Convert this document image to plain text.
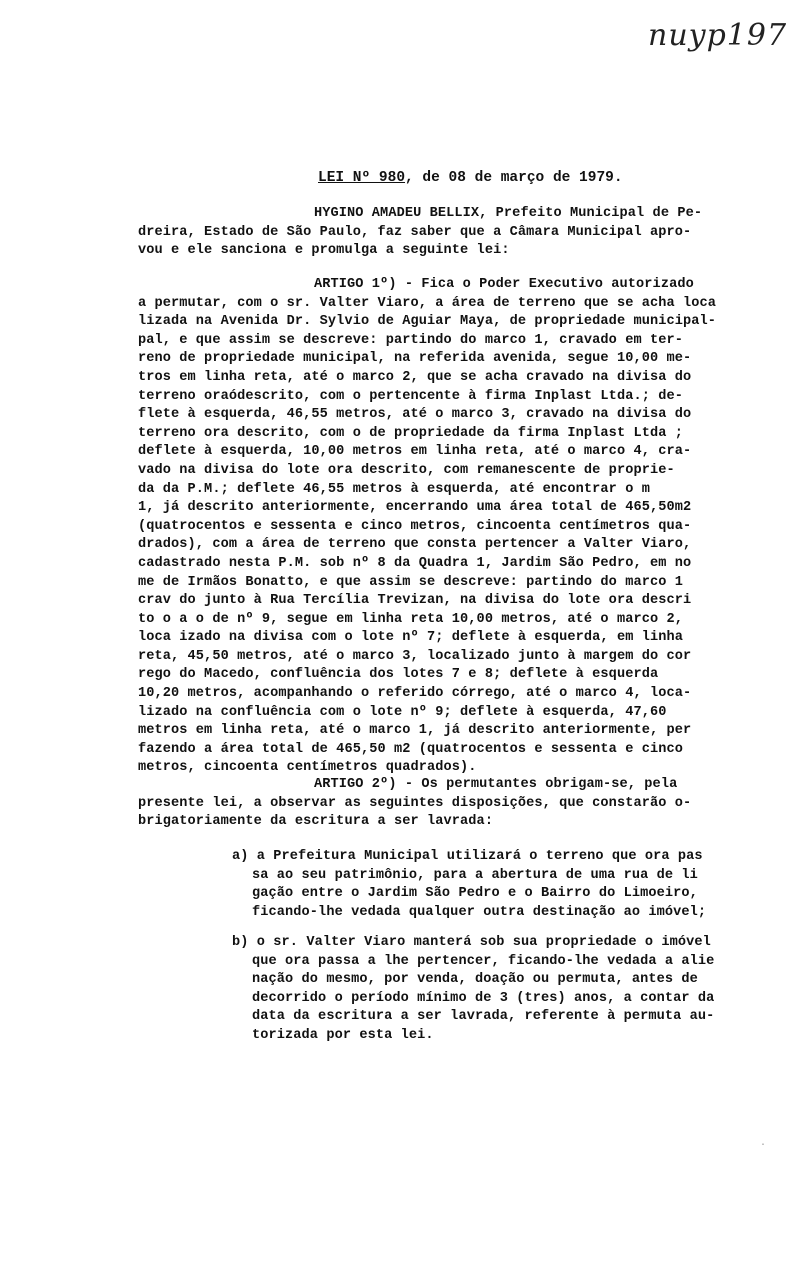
nuyp197
LEI Nº 980, de 08 de março de 1979.
HYGINO AMADEU BELLIX, Prefeito Municipal de Pe-
dreira, Estado de São Paulo, faz saber que a Câmara Municipal apro-
vou e ele sanciona e promulga a seguinte lei:
ARTIGO 1º) - Fica o Poder Executivo autorizado
a permutar, com o sr. Valter Viaro, a área de terreno que se acha loca
lizada na Avenida Dr. Sylvio de Aguiar Maya, de propriedade municipal-
pal, e que assim se descreve: partindo do marco 1, cravado em ter-
reno de propriedade municipal, na referida avenida, segue 10,00 me-
tros em linha reta, até o marco 2, que se acha cravado na divisa do
terreno oraódescrito, com o pertencente à firma Inplast Ltda.; de-
flete à esquerda, 46,55 metros, até o marco 3, cravado na divisa do
terreno ora descrito, com o de propriedade da firma Inplast Ltda ;
deflete à esquerda, 10,00 metros em linha reta, até o marco 4, cra-
vado na divisa do lote ora descrito, com remanescente de proprie-
da da P.M.; deflete 46,55 metros à esquerda, até encontrar o m
1, já descrito anteriormente, encerrando uma área total de 465,50m2
(quatrocentos e sessenta e cinco metros, cincoenta centímetros qua-
drados), com a área de terreno que consta pertencer a Valter Viaro,
cadastrado nesta P.M. sob nº 8 da Quadra 1, Jardim São Pedro, em no
me de Irmãos Bonatto, e que assim se descreve: partindo do marco 1
crav do junto à Rua Tercília Trevizan, na divisa do lote ora descri
to o a o de nº 9, segue em linha reta 10,00 metros, até o marco 2,
loca izado na divisa com o lote nº 7; deflete à esquerda, em linha
reta, 45,50 metros, até o marco 3, localizado junto à margem do cor
rego do Macedo, confluência dos lotes 7 e 8; deflete à esquerda
10,20 metros, acompanhando o referido córrego, até o marco 4, loca-
lizado na confluência com o lote nº 9; deflete à esquerda, 47,60
metros em linha reta, até o marco 1, já descrito anteriormente, per
fazendo a área total de 465,50 m2 (quatrocentos e sessenta e cinco
metros, cincoenta centímetros quadrados).
ARTIGO 2º) - Os permutantes obrigam-se, pela
presente lei, a observar as seguintes disposições, que constarão o-
brigatoriamente da escritura a ser lavrada:
a) a Prefeitura Municipal utilizará o terreno que ora pas
sa ao seu patrimônio, para a abertura de uma rua de li
gação entre o Jardim São Pedro e o Bairro do Limoeiro,
ficando-lhe vedada qualquer outra destinação ao imóvel;
b) o sr. Valter Viaro manterá sob sua propriedade o imóvel
que ora passa a lhe pertencer, ficando-lhe vedada a alie
nação do mesmo, por venda, doação ou permuta, antes de
decorrido o período mínimo de 3 (tres) anos, a contar da
data da escritura a ser lavrada, referente à permuta au-
torizada por esta lei.
·
